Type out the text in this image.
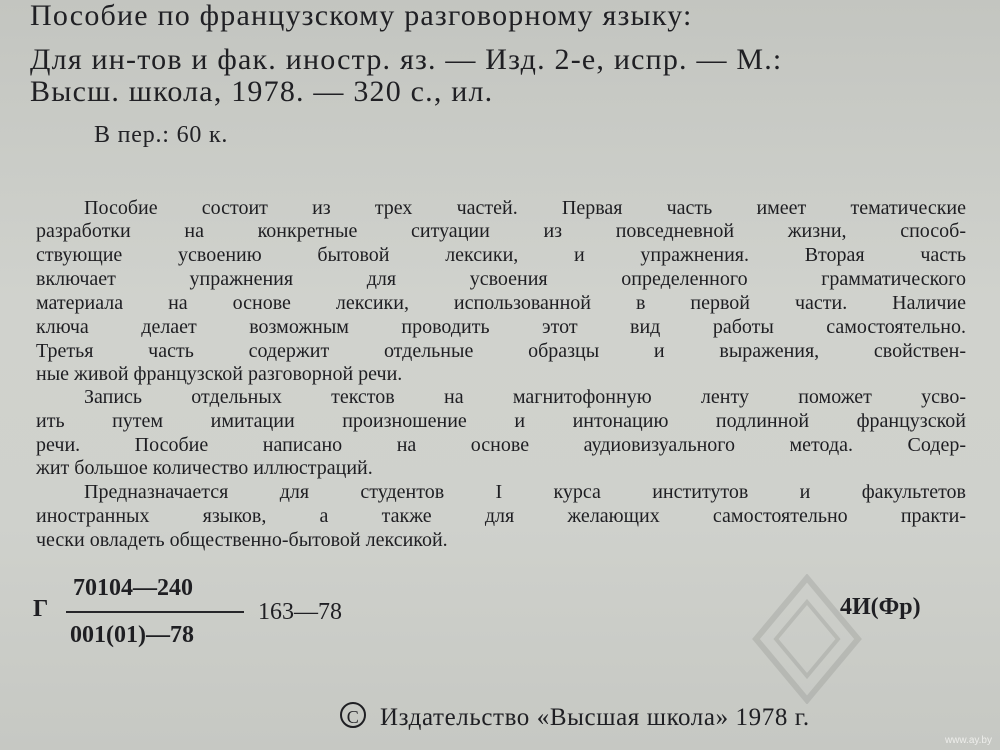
Пособие по французскому разговорному языку:
Для ин-тов и фак. иностр. яз. — Изд. 2-е, испр. — М.:
Высш. школа, 1978. — 320 с., ил.
В пер.: 60 к.
Пособие состоит из трех частей. Первая часть имеет тематические
разработки на конкретные ситуации из повседневной жизни, способ-
ствующие усвоению бытовой лексики, и упражнения. Вторая часть
включает упражнения для усвоения определенного грамматического
материала на основе лексики, использованной в первой части. Наличие
ключа делает возможным проводить этот вид работы самостоятельно.
Третья часть содержит отдельные образцы и выражения, свойствен-
ные живой французской разговорной речи.
Запись отдельных текстов на магнитофонную ленту поможет усво-
ить путем имитации произношение и интонацию подлинной французской
речи. Пособие написано на основе аудиовизуального метода. Содер-
жит большое количество иллюстраций.
Предназначается для студентов I курса институтов и факультетов
иностранных языков, а также для желающих самостоятельно практи-
чески овладеть общественно-бытовой лексикой.
Г
70104—240
001(01)—78
163—78	4И(Фр)
C Издательство «Высшая школа» 1978 г.
www.ay.by
